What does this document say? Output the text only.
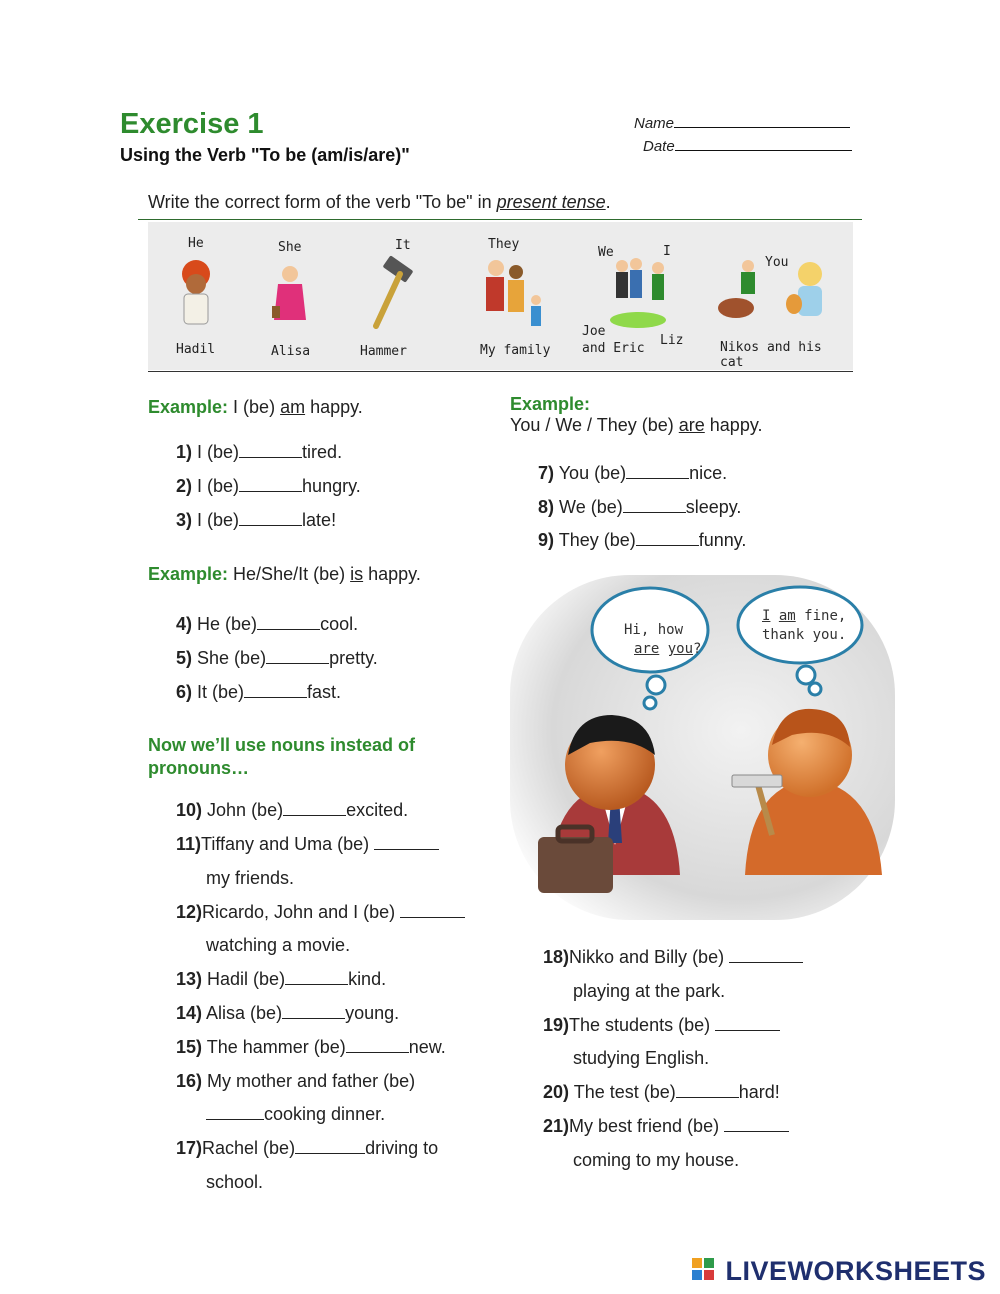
Exercise 1
Using the Verb "To be (am/is/are)"
Name
Date
Write the correct form of the verb "To be" in present tense.
He	She	It	They
We	I
You
Hadil	Alisa	Hammer	My family
Joe
and Eric
Liz	Nikos and his cat
Example: I (be) am happy.
1) I (be)	tired.
2) I (be)	hungry.
3) I (be)	late!
Example: He/She/It (be) is happy.
4) He (be)	cool.
5) She (be)	pretty.
6) It (be)	fast.
Now we’ll use nouns instead of
pronouns…
10) John (be)	excited.
11)Tiffany and Uma (be)
my friends.
12)Ricardo, John and I (be)
watching a movie.
13) Hadil (be)	kind.
14) Alisa (be)	young.
15) The hammer (be)	new.
16) My mother and father (be)
cooking dinner.
17)Rachel (be)	driving to
school.
Example:
You / We / They (be) are happy.
7) You (be)	nice.
8) We (be)	sleepy.
9) They (be)	funny.
Hi, how
are you?
I am fine,
thank you.
18)Nikko and Billy (be)
playing at the park.
19)The students (be)
studying English.
20) The test (be)	hard!
21)My best friend (be)
coming to my house.
LIVEWORKSHEETS
